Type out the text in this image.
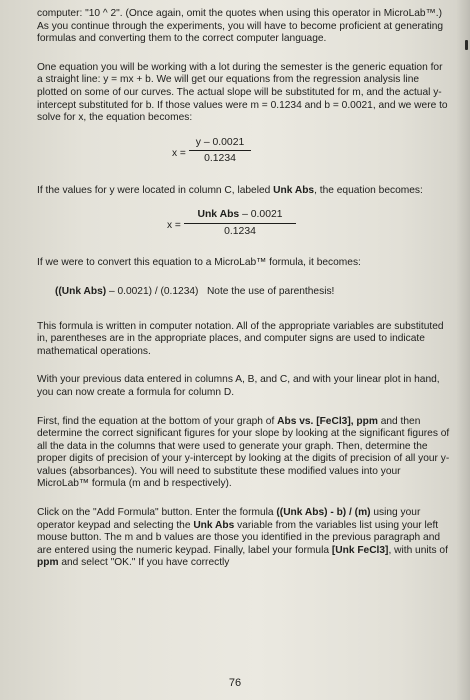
computer: "10 ^ 2". (Once again, omit the quotes when using this operator in MicroLab™.) As you continue through the experiments, you will have to become proficient at generating formulas and converting them to the correct computer language.

One equation you will be working with a lot during the semester is the generic equation for a straight line: y = mx + b. We will get our equations from the regression analysis line plotted on some of our curves. The actual slope will be substituted for m, and the actual y-intercept substituted for b. If those values were m = 0.1234 and b = 0.0021, and we were to solve for x, the equation becomes:

x =
y – 0.0021
0.1234

If the values for y were located in column C, labeled Unk Abs, the equation becomes:

x =
Unk Abs – 0.0021
0.1234

If we were to convert this equation to a MicroLab™ formula, it becomes:

((Unk Abs) – 0.0021) / (0.1234) Note the use of parenthesis!

This formula is written in computer notation. All of the appropriate variables are substituted in, parentheses are in the appropriate places, and computer signs are used to indicate mathematical operations.

With your previous data entered in columns A, B, and C, and with your linear plot in hand, you can now create a formula for column D.

First, find the equation at the bottom of your graph of Abs vs. [FeCl3], ppm and then determine the correct significant figures for your slope by looking at the significant figures of all the data in the columns that were used to generate your graph. Then, determine the proper digits of precision of your y-intercept by looking at the digits of precision of all your y-values (absorbances). You will need to substitute these modified values into your MicroLab™ formula (m and b respectively).

Click on the "Add Formula" button. Enter the formula ((Unk Abs) - b) / (m) using your operator keypad and selecting the Unk Abs variable from the variables list using your left mouse button. The m and b values are those you identified in the previous paragraph and are entered using the numeric keypad. Finally, label your formula [Unk FeCl3], with units of ppm and select "OK." If you have correctly

76
